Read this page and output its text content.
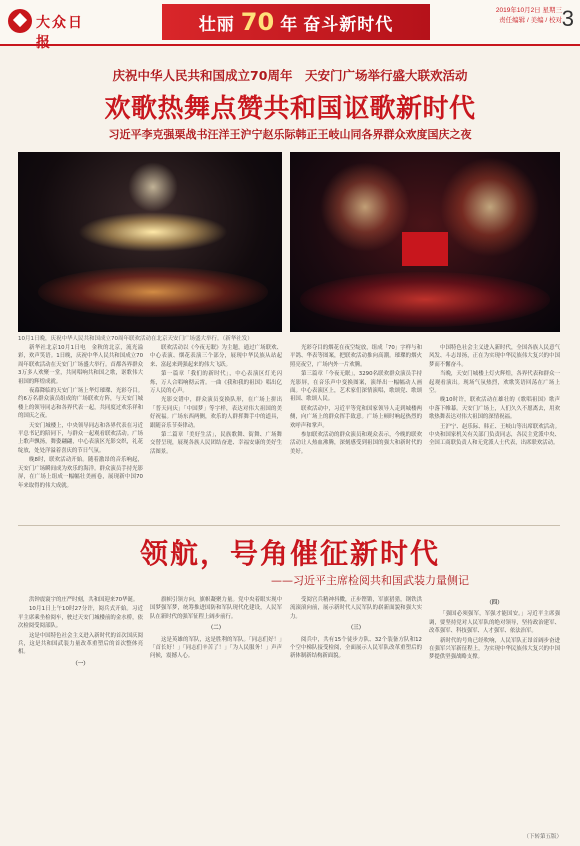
大众日报
壮丽 70 年 奋斗新时代
2019年10月2日 星期三
责任编辑 / 美编 / 校对 3
庆祝中华人民共和国成立70周年　天安门广场举行盛大联欢活动
欢歌热舞点赞共和国讴歌新时代
习近平李克强栗战书汪洋王沪宁赵乐际韩正王岐山同各界群众欢度国庆之夜
10月1日晚，庆祝中华人民共和国成立70周年联欢活动在北京天安门广场盛大举行。（新华社发）

新华社北京10月1日电　金秋的北京，流光溢彩，欢声笑语。1日晚，庆祝中华人民共和国成立70周年联欢活动在天安门广场盛大举行。首都各界群众3万多人欢聚一堂，共同唱响共和国之歌，讴歌伟大祖国的辉煌成就。

夜幕降临的天安门广场上华灯璀璨、光彩夺目。约6万名群众演员组成的广场联欢方阵，与天安门城楼上的领导同志和各界代表一起，共同度过欢乐祥和的国庆之夜。

天安门城楼上，中央领导同志和各界代表在习近平总书记的陪同下，与群众一起观看联欢活动。广场上歌声飘扬，舞姿翩翩，中心表演区光影交织，礼花绽放，处处洋溢着喜庆的节日气氛。

晚8时，联欢活动开始。随着激昂的音乐响起，天安门广场瞬间成为欢乐的海洋。群众演员手持光影屏，在广场上组成一幅幅壮美画卷，展现新中国70年来取得的伟大成就。

联欢活动以《今夜无眠》为主题，通过广场联欢、中心表演、烟花表演三个部分，展现中华民族从站起来、富起来到强起来的伟大飞跃。

第一篇章「我们的新时代」，中心表演区灯光闪烁，万人合唱响彻云霄。一曲《我和我的祖国》唱出亿万人民的心声。

光影交错中，群众演员变换队形，在广场上拼出「普天同庆」「中国梦」等字样，表达对伟大祖国的美好祝福。广场东西两侧，欢乐的人群挥舞手中的道具，跟随音乐节奏律动。

第二篇章「美好生活」，民族歌舞、街舞、广场舞交替呈现，展现各族人民团结奋进、幸福安康的美好生活图景。

光彩夺目的烟花在夜空绽放，组成「70」字样与和平鸽、华表等图案，把联欢活动推向高潮。璀璨的烟火照亮夜空，广场内外一片欢腾。

第三篇章「今夜无眠」，3290名联欢群众演员手持光影屏，在音乐声中变换图案，演绎出一幅幅动人画面。中心表演区上，艺术家们深情演唱，歌颂党、歌颂祖国、歌颂人民。

联欢活动中，习近平等党和国家领导人走到城楼两侧，向广场上的群众挥手致意。广场上顿时响起热烈的欢呼声和掌声。

参加联欢活动的群众演员和观众表示，今晚的联欢活动让人热血沸腾，深刻感受到祖国的强大和新时代的美好。

中国特色社会主义进入新时代，全国各族人民意气风发、斗志昂扬，正在为实现中华民族伟大复兴的中国梦而不懈奋斗。

当晚，天安门城楼上灯火辉煌，各界代表和群众一起观看演出。现场气氛热烈，欢歌笑语回荡在广场上空。

晚10时许，联欢活动在雄壮的《歌唱祖国》歌声中落下帷幕。天安门广场上，人们久久不愿离去，用欢歌热舞表达对伟大祖国的深情祝福。

王沪宁、赵乐际、韩正、王岐山等出席联欢活动。中央和国家机关有关部门负责同志，各民主党派中央、全国工商联负责人和无党派人士代表，出席联欢活动。

领航，号角催征新时代
——习近平主席检阅共和国武装力量侧记

洪钟震寰宇的庄严时刻，共和国迎来70华诞。

10月1日上午10时27分许，阅兵式开始。习近平主席乘坐检阅车，驶过天安门城楼前的金水桥，依次检阅受阅部队。

这是中国特色社会主义进入新时代的首次国庆阅兵，这是共和国武装力量改革重塑后的首次整体亮相。

（一）

旗帜引领方向，旗帜凝聚力量。党中央着眼实现中国梦强军梦，统筹推进国防和军队现代化建设，人民军队在新时代的强军征程上阔步前行。

（二）

这是英雄的军队，这是胜利的军队。「同志们好！」「首长好！」「同志们辛苦了！」「为人民服务！」声声问候，震撼人心。

受阅官兵精神抖擞，正步铿锵，军旗猎猎，钢铁洪流滚滚向前，展示新时代人民军队的崭新面貌和强大实力。

（三）

阅兵中，共有15个徒步方队、32个装备方队和12个空中梯队接受检阅，全面展示人民军队改革重塑后的新体制新结构新面貌。

（四）

「强国必须强军，军强才能国安。」习近平主席强调，要坚持党对人民军队的绝对领导，坚持政治建军、改革强军、科技强军、人才强军、依法治军。

新时代的号角已经吹响，人民军队正昂首阔步奋进在强军兴军新征程上，为实现中华民族伟大复兴的中国梦提供坚强战略支撑。

（下转第五版）
